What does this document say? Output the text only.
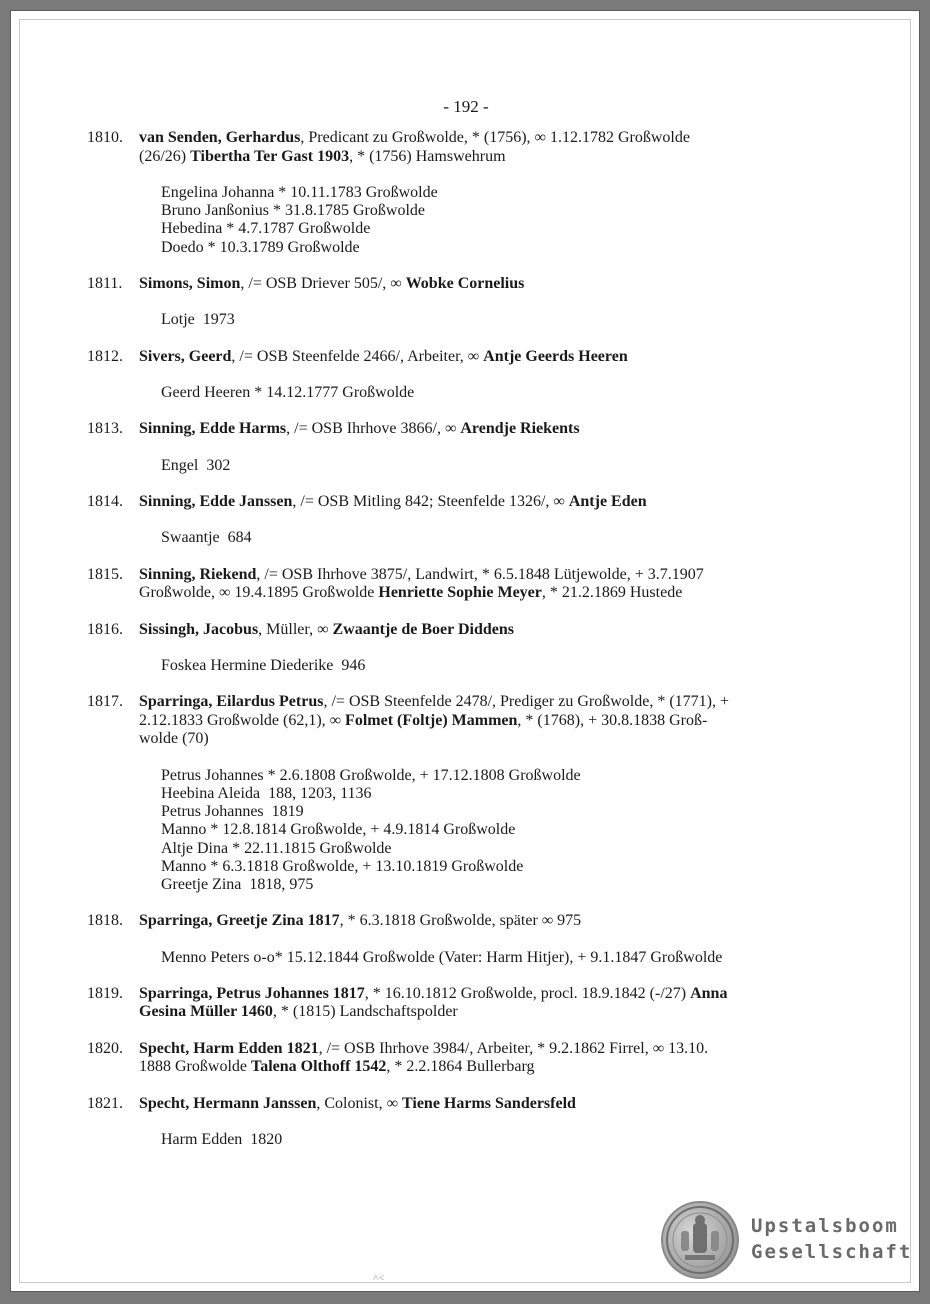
- 192 -
1810. van Senden, Gerhardus, Predicant zu Großwolde, * (1756), ∞ 1.12.1782 Großwolde
(26/26) Tibertha Ter Gast 1903, * (1756) Hamswehrum
Engelina Johanna * 10.11.1783 Großwolde
Bruno Janßonius * 31.8.1785 Großwolde
Hebedina * 4.7.1787 Großwolde
Doedo * 10.3.1789 Großwolde
1811. Simons, Simon, /= OSB Driever 505/, ∞ Wobke Cornelius
Lotje  1973
1812. Sivers, Geerd, /= OSB Steenfelde 2466/, Arbeiter, ∞ Antje Geerds Heeren
Geerd Heeren * 14.12.1777 Großwolde
1813. Sinning, Edde Harms, /= OSB Ihrhove 3866/, ∞ Arendje Riekents
Engel  302
1814. Sinning, Edde Janssen, /= OSB Mitling 842; Steenfelde 1326/, ∞ Antje Eden
Swaantje  684
1815. Sinning, Riekend, /= OSB Ihrhove 3875/, Landwirt, * 6.5.1848 Lütjewolde, + 3.7.1907
Großwolde, ∞ 19.4.1895 Großwolde Henriette Sophie Meyer, * 21.2.1869 Hustede
1816. Sissingh, Jacobus, Müller, ∞ Zwaantje de Boer Diddens
Foskea Hermine Diederike  946
1817. Sparringa, Eilardus Petrus, /= OSB Steenfelde 2478/, Prediger zu Großwolde, * (1771), +
2.12.1833 Großwolde (62,1), ∞ Folmet (Foltje) Mammen, * (1768), + 30.8.1838 Groß-
wolde (70)
Petrus Johannes * 2.6.1808 Großwolde, + 17.12.1808 Großwolde
Heebina Aleida  188, 1203, 1136
Petrus Johannes  1819
Manno * 12.8.1814 Großwolde, + 4.9.1814 Großwolde
Altje Dina * 22.11.1815 Großwolde
Manno * 6.3.1818 Großwolde, + 13.10.1819 Großwolde
Greetje Zina  1818, 975
1818. Sparringa, Greetje Zina 1817, * 6.3.1818 Großwolde, später ∞ 975
Menno Peters o-o* 15.12.1844 Großwolde (Vater: Harm Hitjer), + 9.1.1847 Großwolde
1819. Sparringa, Petrus Johannes 1817, * 16.10.1812 Großwolde, procl. 18.9.1842 (-/27) Anna
Gesina Müller 1460, * (1815) Landschaftspolder
1820. Specht, Harm Edden 1821, /= OSB Ihrhove 3984/, Arbeiter, * 9.2.1862 Firrel, ∞ 13.10.
1888 Großwolde Talena Olthoff 1542, * 2.2.1864 Bullerbarg
1821. Specht, Hermann Janssen, Colonist, ∞ Tiene Harms Sandersfeld
Harm Edden  1820
Upstalsboom
Gesellschaft
˄˂
